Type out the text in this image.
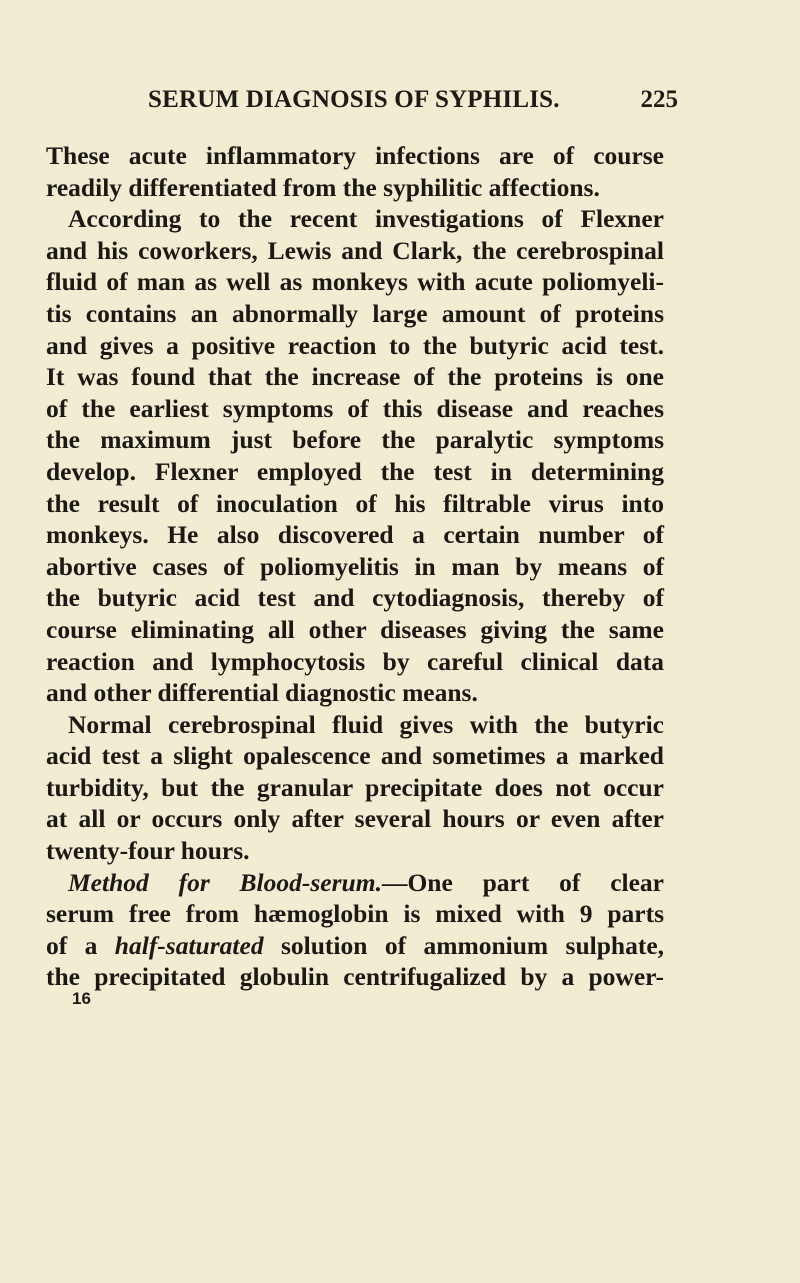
SERUM DIAGNOSIS OF SYPHILIS.	225
These acute inflammatory infections are of course
readily differentiated from the syphilitic affections.
According to the recent investigations of Flexner
and his coworkers, Lewis and Clark, the cerebrospinal
fluid of man as well as monkeys with acute poliomyeli-
tis contains an abnormally large amount of proteins
and gives a positive reaction to the butyric acid test.
It was found that the increase of the proteins is one
of the earliest symptoms of this disease and reaches
the maximum just before the paralytic symptoms
develop. Flexner employed the test in determining
the result of inoculation of his filtrable virus into
monkeys. He also discovered a certain number of
abortive cases of poliomyelitis in man by means of
the butyric acid test and cytodiagnosis, thereby of
course eliminating all other diseases giving the same
reaction and lymphocytosis by careful clinical data
and other differential diagnostic means.
Normal cerebrospinal fluid gives with the butyric
acid test a slight opalescence and sometimes a marked
turbidity, but the granular precipitate does not occur
at all or occurs only after several hours or even after
twenty-four hours.
Method for Blood-serum.—One part of clear
serum free from hæmoglobin is mixed with 9 parts
of a half-saturated solution of ammonium sulphate,
the precipitated globulin centrifugalized by a power-
16
